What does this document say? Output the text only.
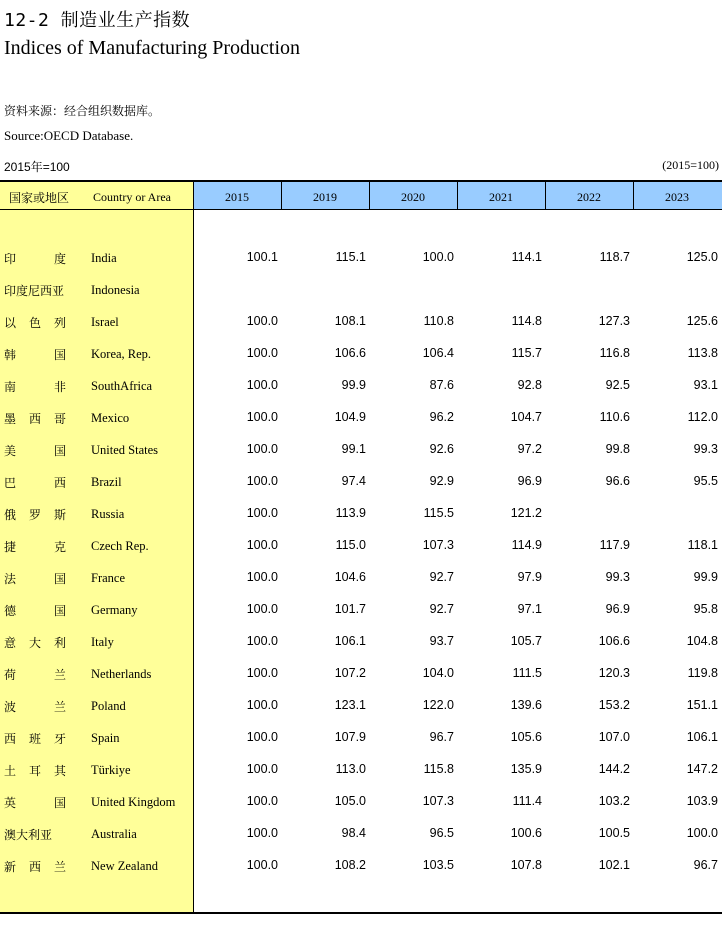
12-2 制造业生产指数
Indices of Manufacturing Production
资料来源：经合组织数据库。
Source:OECD Database.
2015年=100	(2015=100)
国家或地区 Country or Area	2015	2019	2020	2021	2022	2023
印	度 India	100.1	115.1	100.0	114.1	118.7	125.0
印度尼西亚 Indonesia
以 色 列 Israel	100.0	108.1	110.8	114.8	127.3	125.6
韩	国 Korea, Rep.	100.0	106.6	106.4	115.7	116.8	113.8
南	非 SouthAfrica	100.0	99.9	87.6	92.8	92.5	93.1
墨 西 哥 Mexico	100.0	104.9	96.2	104.7	110.6	112.0
美	国 United States	100.0	99.1	92.6	97.2	99.8	99.3
巴	西 Brazil	100.0	97.4	92.9	96.9	96.6	95.5
俄 罗 斯 Russia	100.0	113.9	115.5	121.2
捷	克 Czech Rep.	100.0	115.0	107.3	114.9	117.9	118.1
法	国 France	100.0	104.6	92.7	97.9	99.3	99.9
德	国 Germany	100.0	101.7	92.7	97.1	96.9	95.8
意 大 利 Italy	100.0	106.1	93.7	105.7	106.6	104.8
荷	兰 Netherlands	100.0	107.2	104.0	111.5	120.3	119.8
波	兰 Poland	100.0	123.1	122.0	139.6	153.2	151.1
西 班 牙 Spain	100.0	107.9	96.7	105.6	107.0	106.1
土 耳 其 Türkiye	100.0	113.0	115.8	135.9	144.2	147.2
英	国 United Kingdom	100.0	105.0	107.3	111.4	103.2	103.9
澳大利亚	Australia	100.0	98.4	96.5	100.6	100.5	100.0
新 西 兰 New Zealand	100.0	108.2	103.5	107.8	102.1	96.7
